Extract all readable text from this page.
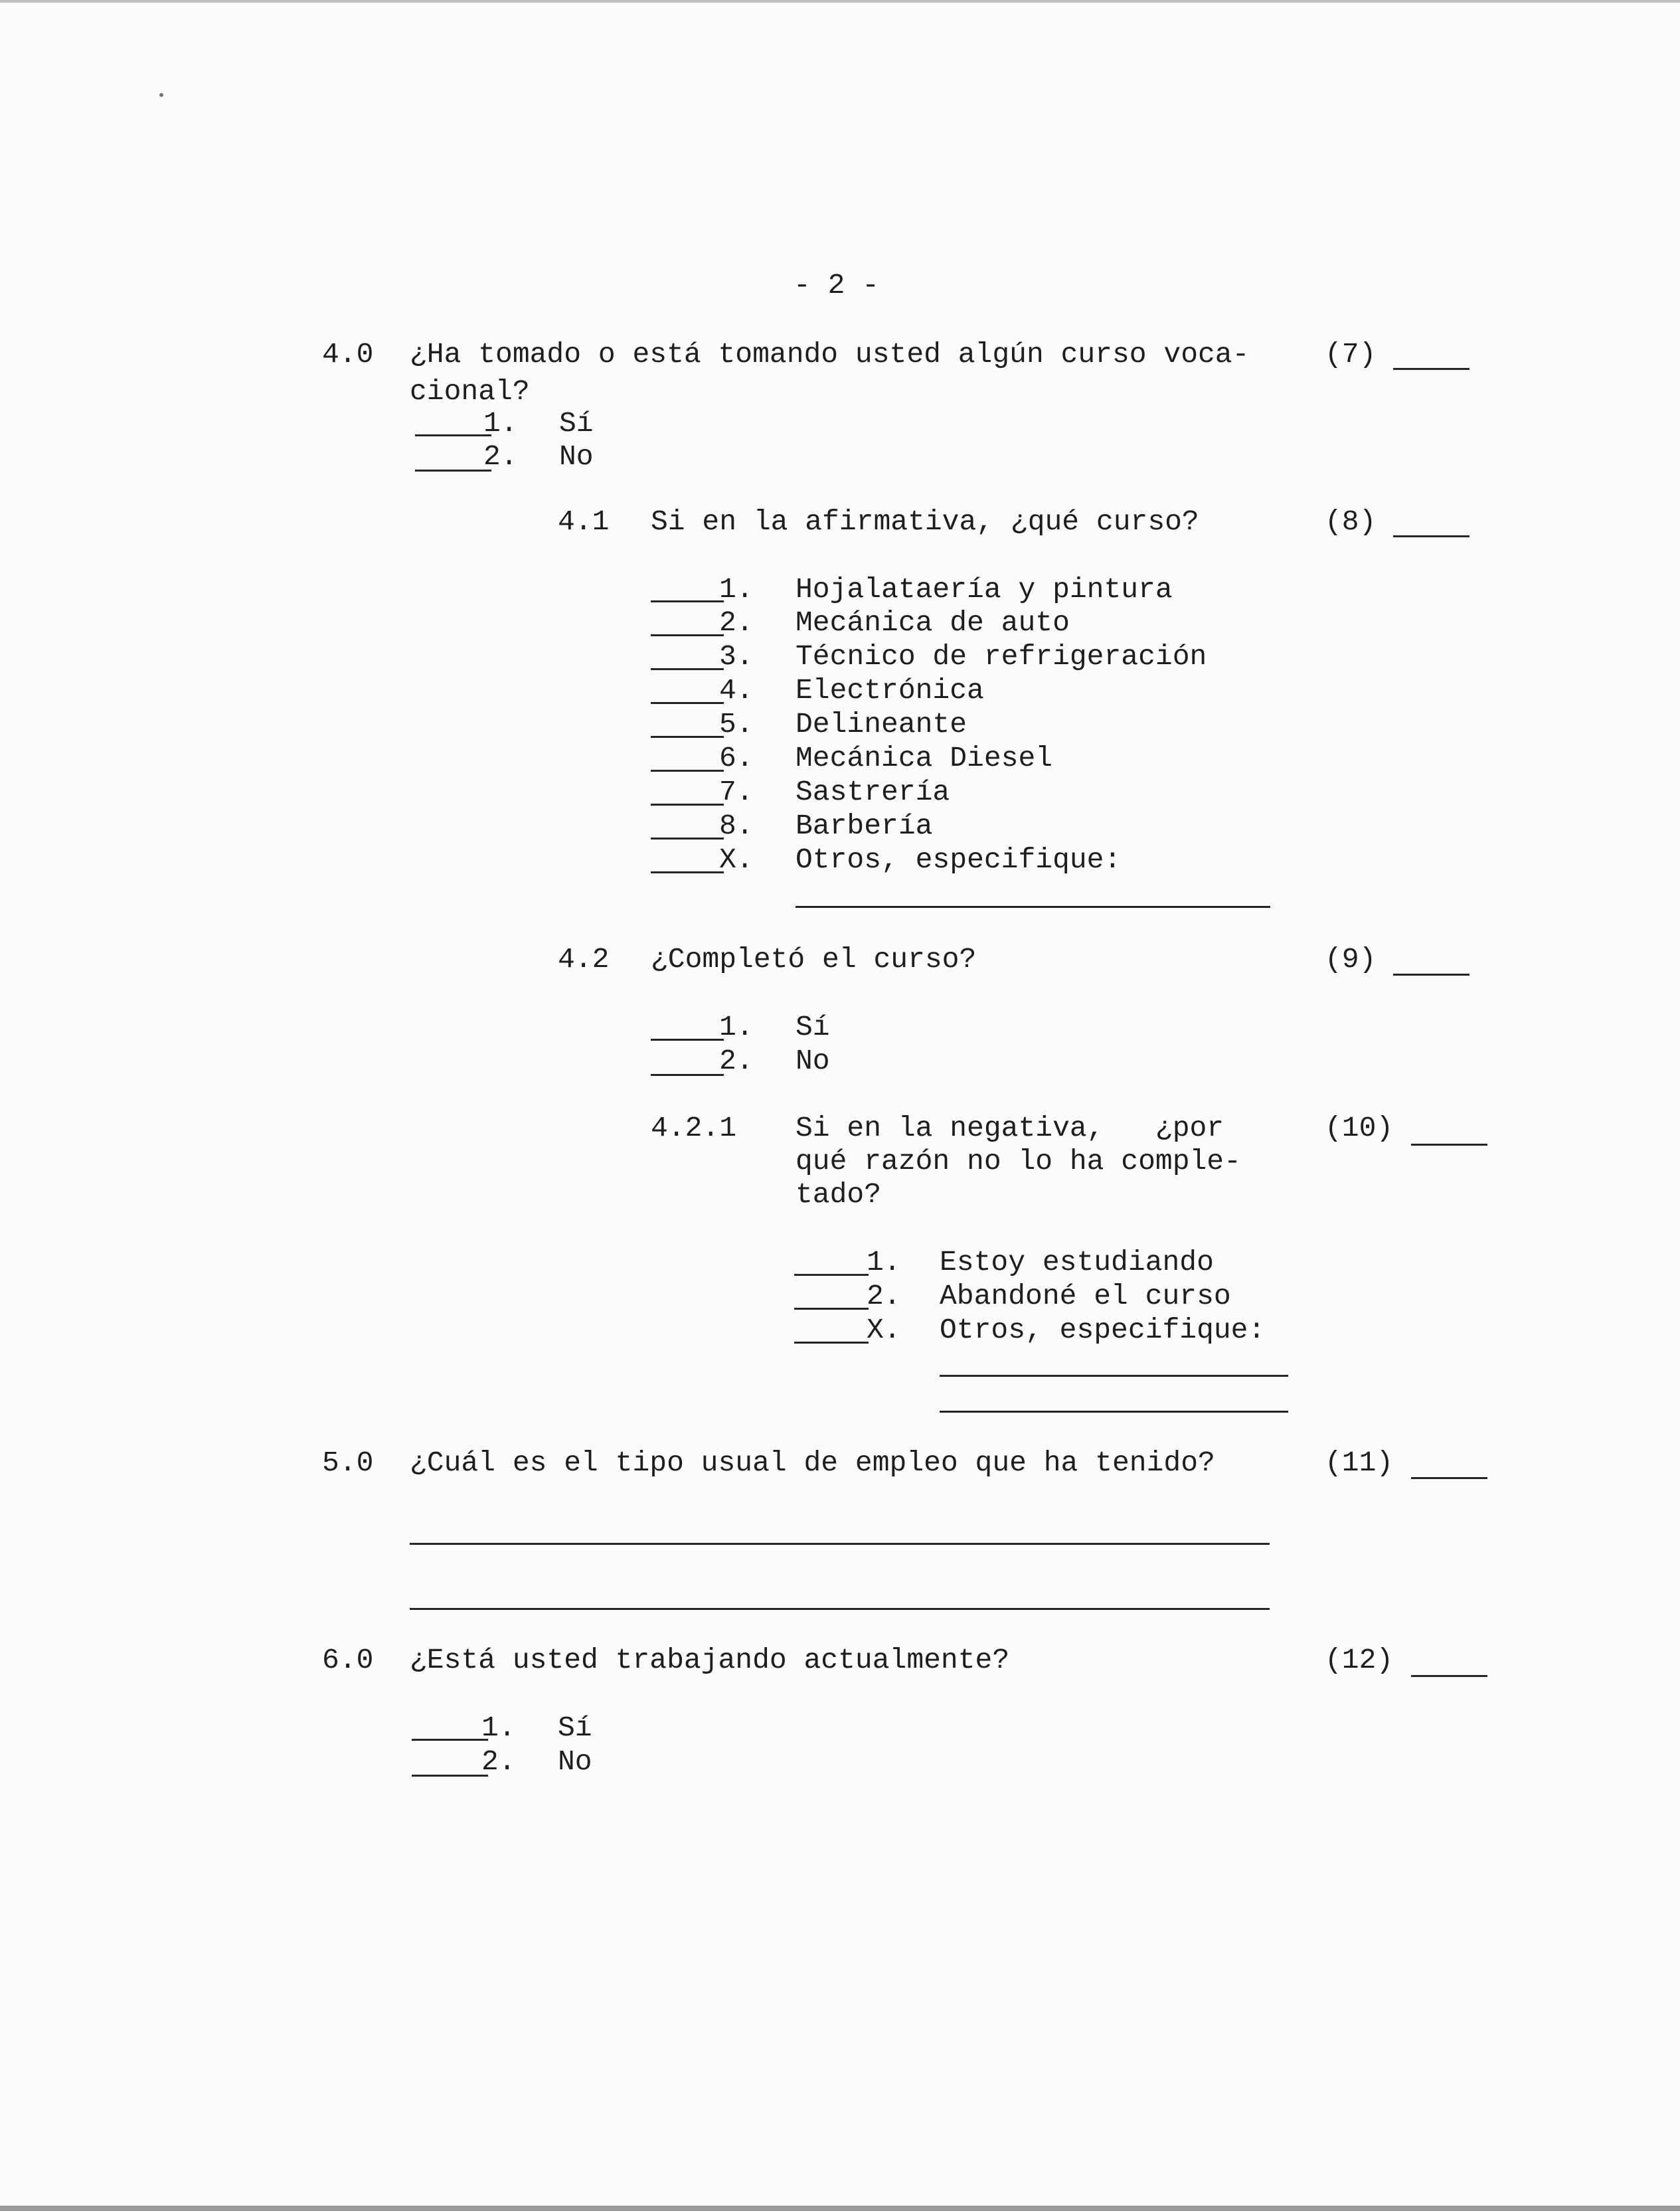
- 2 -
4.0 ¿Ha tomado o está tomando usted algún curso voca-
cional?
(7)
1. Sí
2. No
4.1 Si en la afirmativa, ¿qué curso?	(8)
1. Hojalataería y pintura
2. Mecánica de auto
3. Técnico de refrigeración
4. Electrónica
5. Delineante
6. Mecánica Diesel
7. Sastrería
8. Barbería
X. Otros, especifique:
4.2 ¿Completó el curso?	(9)
1. Sí
2. No
4.2.1 Si en la negativa,   ¿por
qué razón no lo ha comple-
tado?
(10)
1. Estoy estudiando
2. Abandoné el curso
X. Otros, especifique:
5.0 ¿Cuál es el tipo usual de empleo que ha tenido?	(11)
6.0 ¿Está usted trabajando actualmente?	(12)
1. Sí
2. No
